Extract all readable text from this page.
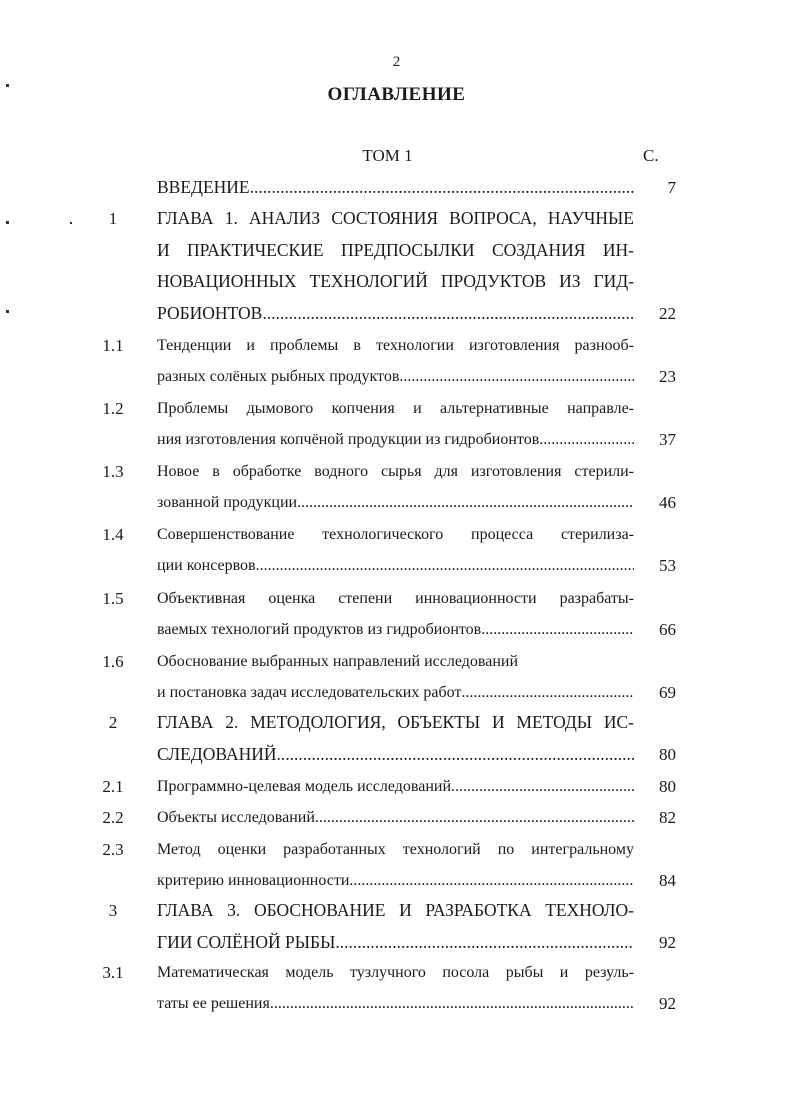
2
ОГЛАВЛЕНИЕ
ТОМ 1	С.
ВВЕДЕНИЕ .....	7
1	ГЛАВА 1. АНАЛИЗ СОСТОЯНИЯ ВОПРОСА, НАУЧНЫЕ
И ПРАКТИЧЕСКИЕ ПРЕДПОСЫЛКИ СОЗДАНИЯ ИН-
НОВАЦИОННЫХ ТЕХНОЛОГИЙ ПРОДУКТОВ ИЗ ГИД-
РОБИОНТОВ .....	22
1.1	Тенденции и проблемы в технологии изготовления разнооб-
разных солёных рыбных продуктов .....	23
1.2	Проблемы дымового копчения и альтернативные направле-
ния изготовления копчёной продукции из гидробионтов .....	37
1.3	Новое в обработке водного сырья для изготовления стерили-
зованной продукции .....	46
1.4	Совершенствование технологического процесса стерилиза-
ции консервов .....	53
1.5	Объективная оценка степени инновационности разрабаты-
ваемых технологий продуктов из гидробионтов .....	66
1.6	Обоснование выбранных направлений исследований
и постановка задач исследовательских работ .....	69
2	ГЛАВА 2. МЕТОДОЛОГИЯ, ОБЪЕКТЫ И МЕТОДЫ ИС-
СЛЕДОВАНИЙ .....	80
2.1	Программно-целевая модель исследований .....	80
2.2	Объекты исследований .....	82
2.3	Метод оценки разработанных технологий по интегральному
критерию инновационности .....	84
3	ГЛАВА 3. ОБОСНОВАНИЕ И РАЗРАБОТКА ТЕХНОЛО-
ГИИ СОЛЁНОЙ РЫБЫ .....	92
3.1	Математическая модель тузлучного посола рыбы и резуль-
таты ее решения .....	92
